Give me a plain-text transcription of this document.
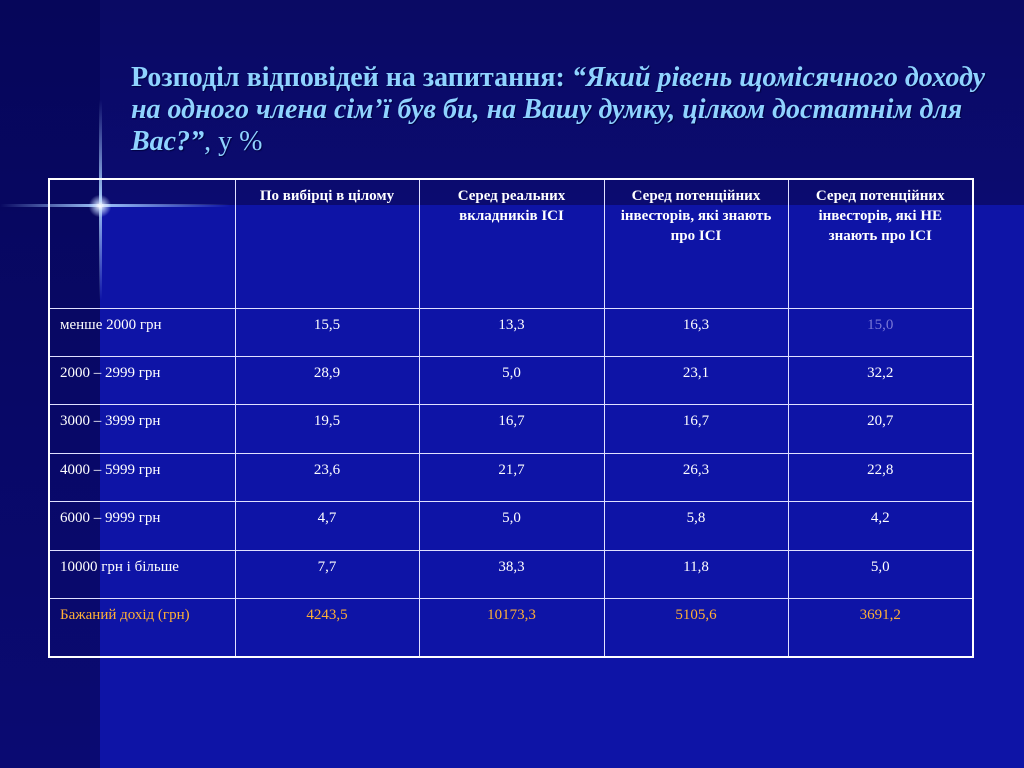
Розподіл відповідей на запитання: “Який рівень щомісячного доходу на одного члена сім’ї був би, на Вашу думку, цілком достатнім для Вас?”, у %
	По вибірці в цілому	Серед реальних вкладників ІСІ	Серед потенційних інвесторів, які знають про ІСІ	Серед потенційних інвесторів, які НЕ знають про ІСІ
менше 2000 грн	15,5	13,3	16,3	15,0
2000 – 2999 грн	28,9	5,0	23,1	32,2
3000 – 3999 грн	19,5	16,7	16,7	20,7
4000 – 5999 грн	23,6	21,7	26,3	22,8
6000 – 9999 грн	4,7	5,0	5,8	4,2
10000 грн і більше	7,7	38,3	11,8	5,0
Бажаний дохід (грн)	4243,5	10173,3	5105,6	3691,2
